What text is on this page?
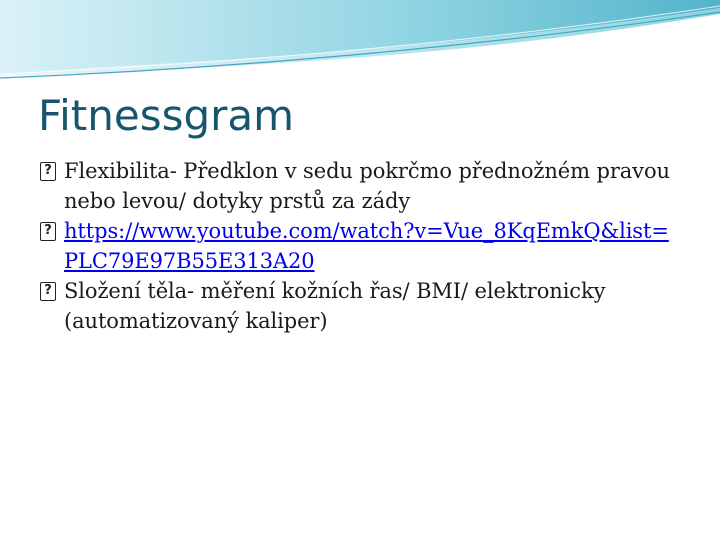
Fitnessgram
? Flexibilita- Předklon v sedu pokrčmo přednožném pravou nebo levou/ dotyky prstů za zády
? https://www.youtube.com/watch?v=Vue_8KqEmkQ&list=PLC79E97B55E313A20
? Složení těla- měření kožních řas/ BMI/ elektronicky (automatizovaný kaliper)
